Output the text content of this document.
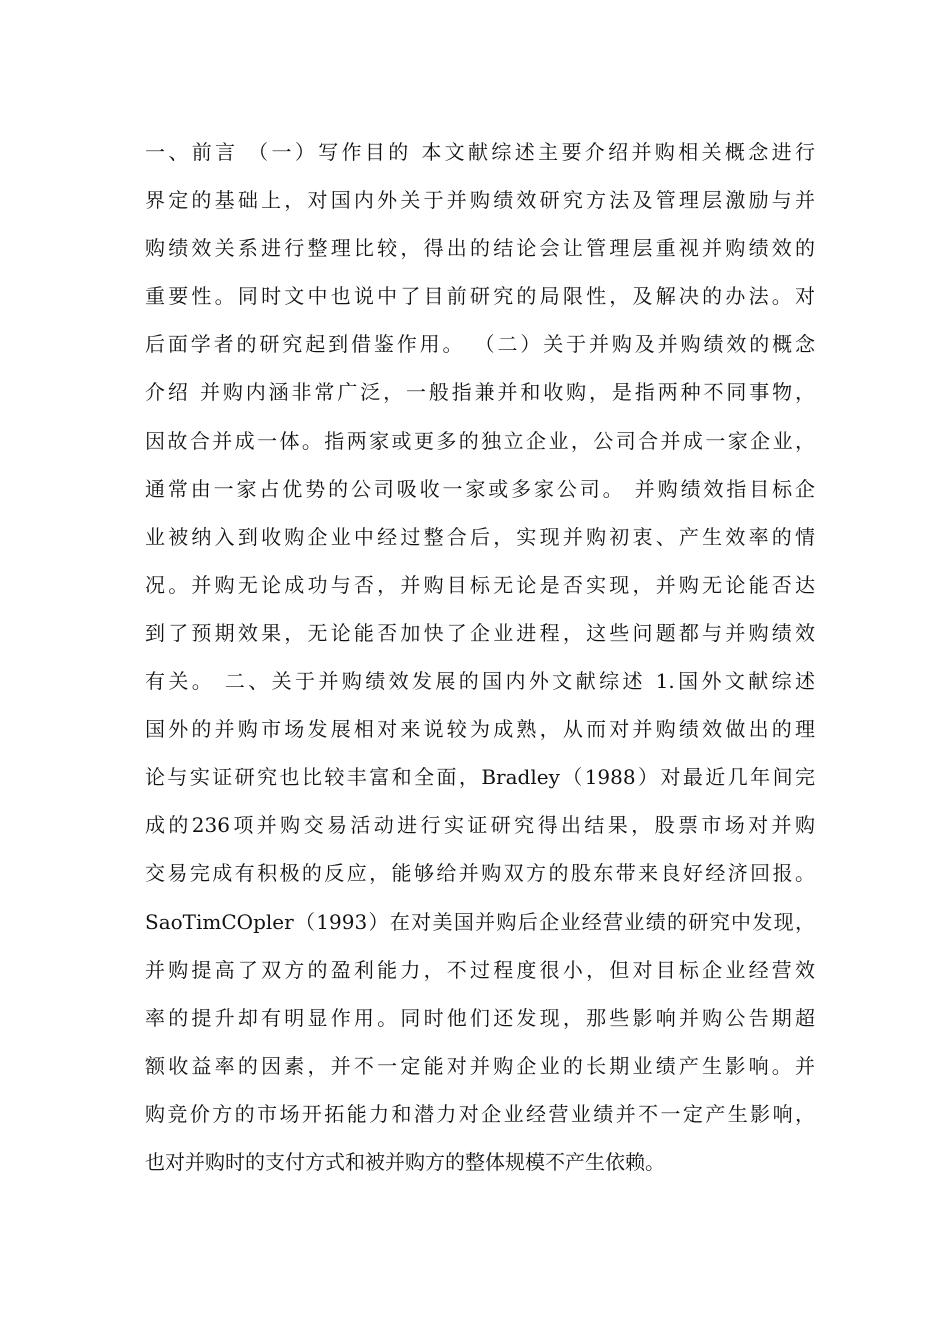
一、前言 （一）写作目的 本文献综述主要介绍并购相关概念进行
界定的基础上，对国内外关于并购绩效研究方法及管理层激励与并
购绩效关系进行整理比较，得出的结论会让管理层重视并购绩效的
重要性。同时文中也说中了目前研究的局限性，及解决的办法。对
后面学者的研究起到借鉴作用。 （二）关于并购及并购绩效的概念
介绍 并购内涵非常广泛，一般指兼并和收购，是指两种不同事物，
因故合并成一体。指两家或更多的独立企业，公司合并成一家企业，
通常由一家占优势的公司吸收一家或多家公司。 并购绩效指目标企
业被纳入到收购企业中经过整合后，实现并购初衷、产生效率的情
况。并购无论成功与否，并购目标无论是否实现，并购无论能否达
到了预期效果，无论能否加快了企业进程，这些问题都与并购绩效
有关。 二、关于并购绩效发展的国内外文献综述 1.国外文献综述
国外的并购市场发展相对来说较为成熟，从而对并购绩效做出的理
论与实证研究也比较丰富和全面，Bradley（1988）对最近几年间完
成的236项并购交易活动进行实证研究得出结果，股票市场对并购
交易完成有积极的反应，能够给并购双方的股东带来良好经济回报。
SaoTimCOpler（1993）在对美国并购后企业经营业绩的研究中发现，
并购提高了双方的盈利能力，不过程度很小，但对目标企业经营效
率的提升却有明显作用。同时他们还发现，那些影响并购公告期超
额收益率的因素，并不一定能对并购企业的长期业绩产生影响。并
购竞价方的市场开拓能力和潜力对企业经营业绩并不一定产生影响，
也对并购时的支付方式和被并购方的整体规模不产生依赖。
